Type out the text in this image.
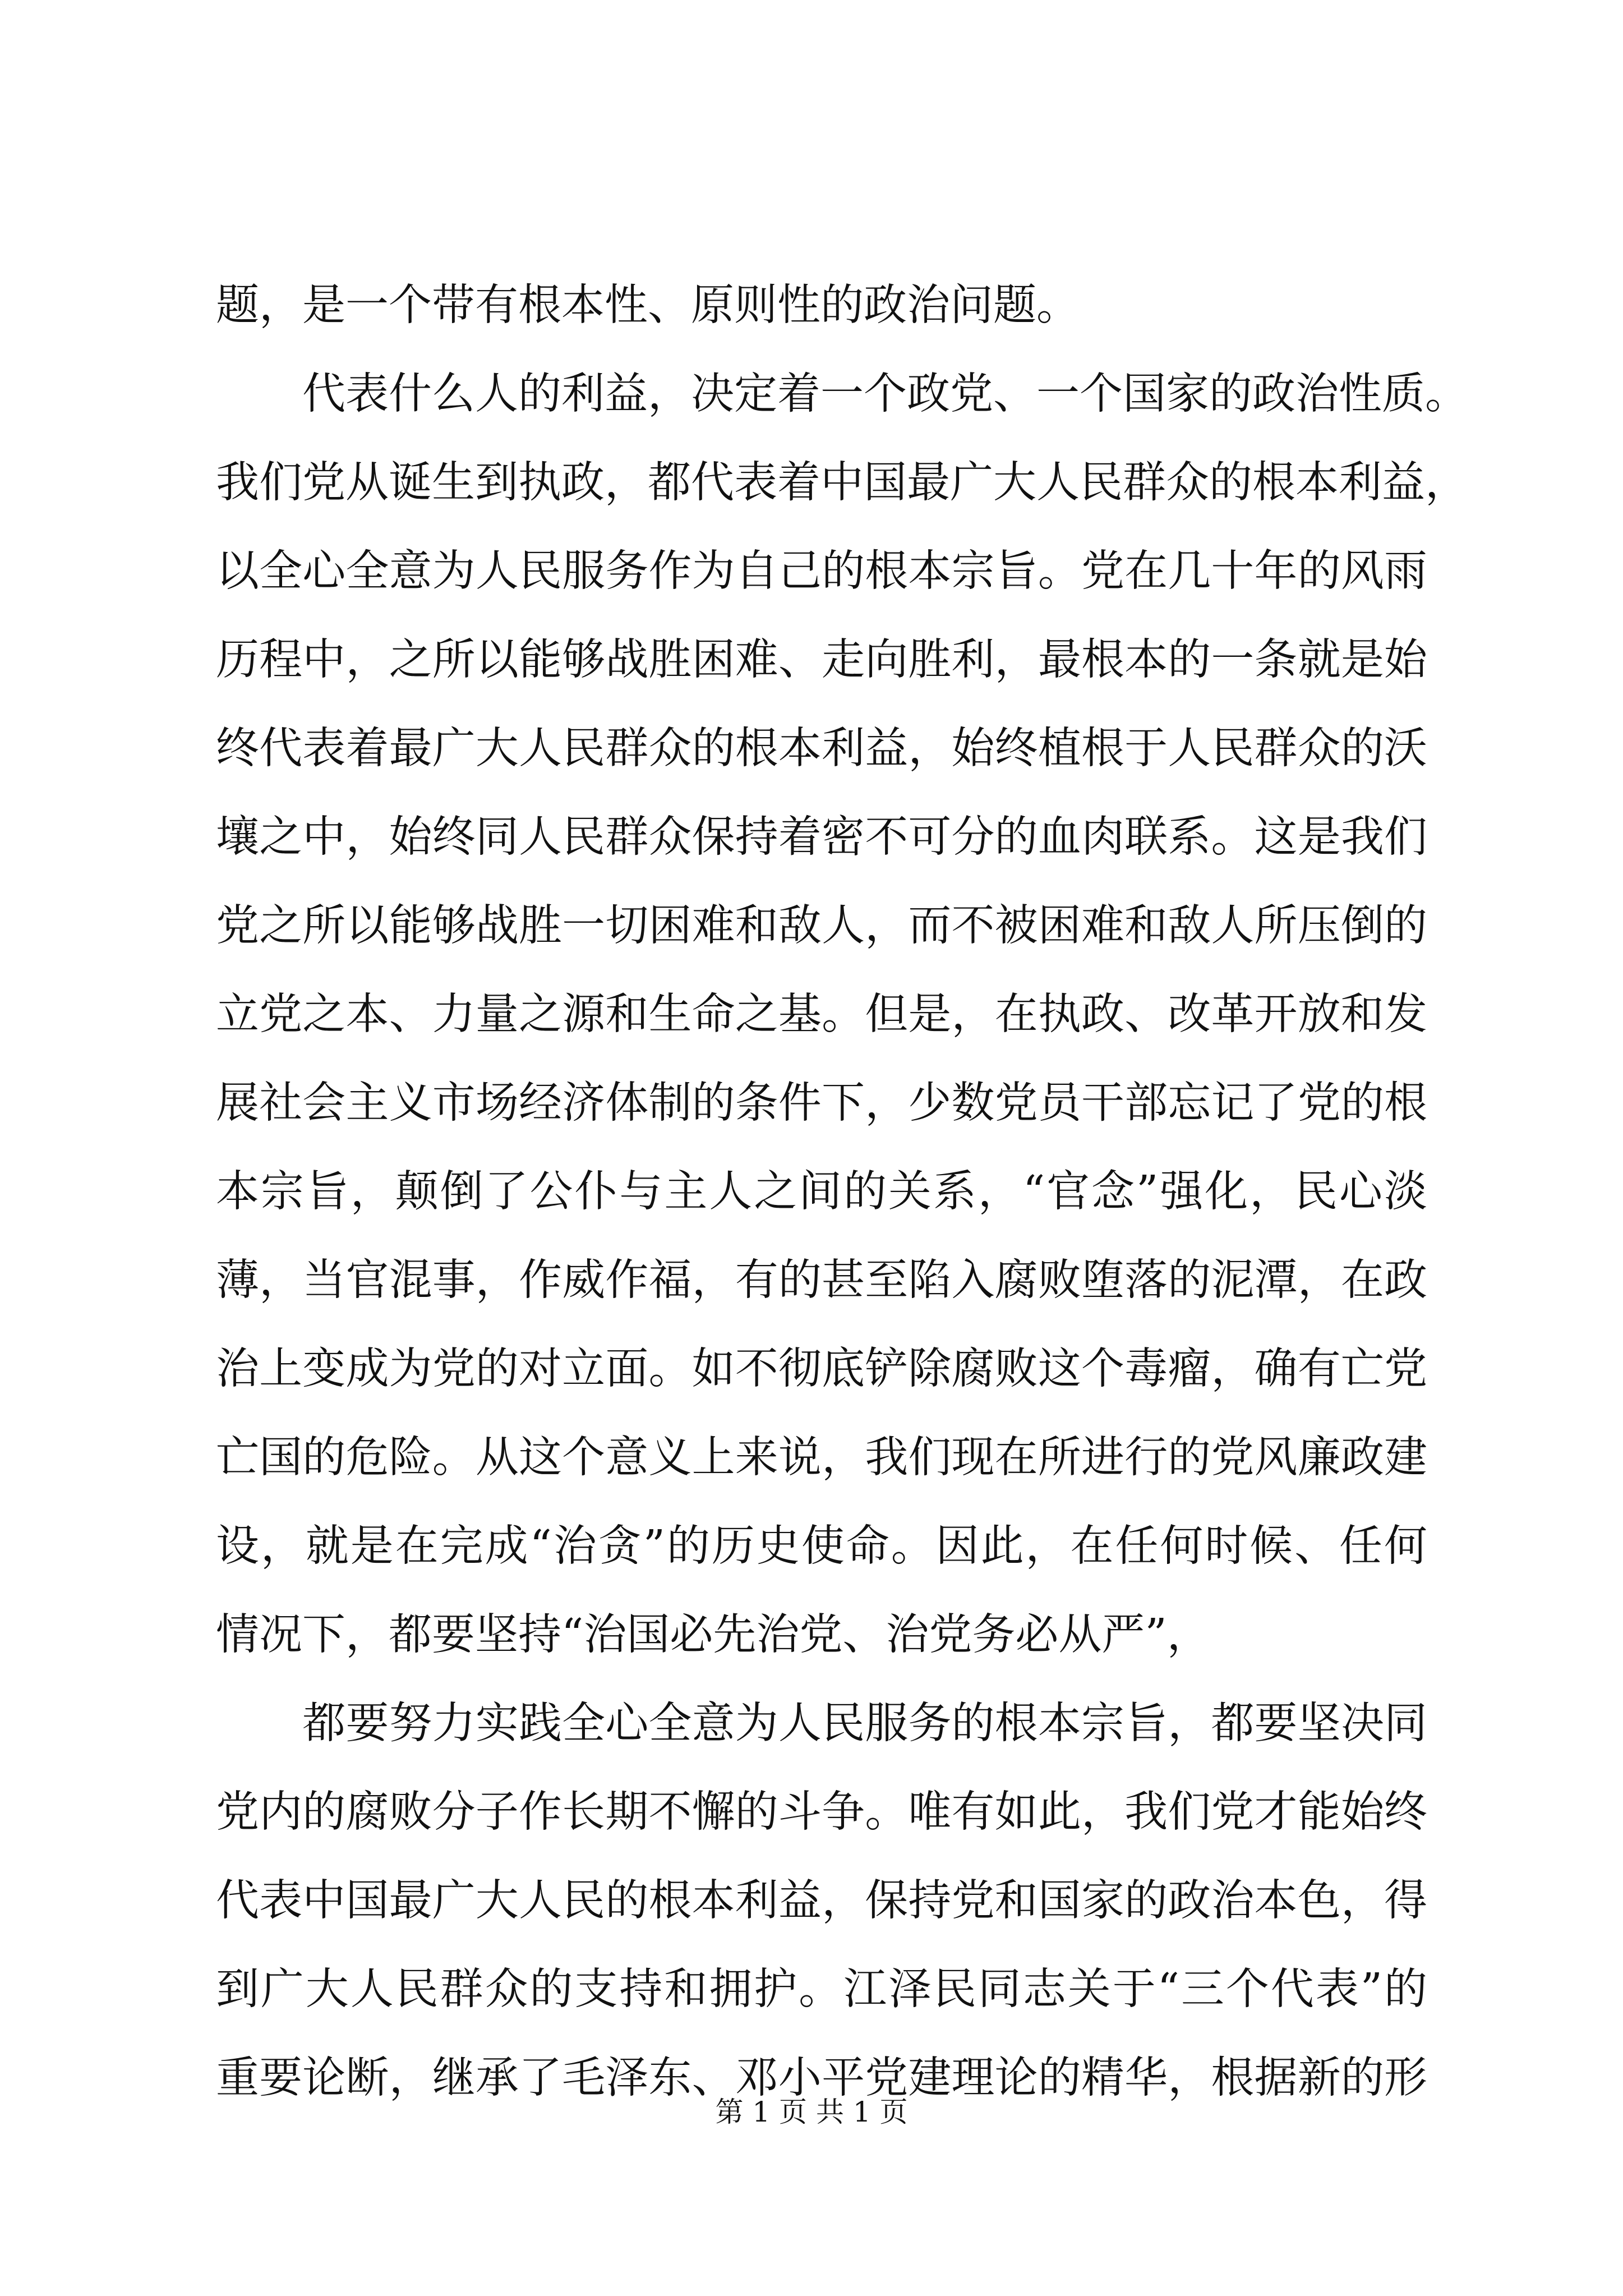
题，是一个带有根本性、原则性的政治问题。
　　代表什么人的利益，决定着一个政党、一个国家的政治性质。
我们党从诞生到执政，都代表着中国最广大人民群众的根本利益，
以全心全意为人民服务作为自己的根本宗旨。党在几十年的风雨
历程中，之所以能够战胜困难、走向胜利，最根本的一条就是始
终代表着最广大人民群众的根本利益，始终植根于人民群众的沃
壤之中，始终同人民群众保持着密不可分的血肉联系。这是我们
党之所以能够战胜一切困难和敌人，而不被困难和敌人所压倒的
立党之本、力量之源和生命之基。但是，在执政、改革开放和发
展社会主义市场经济体制的条件下，少数党员干部忘记了党的根
本宗旨，颠倒了公仆与主人之间的关系，“官念”强化，民心淡
薄，当官混事，作威作福，有的甚至陷入腐败堕落的泥潭，在政
治上变成为党的对立面。如不彻底铲除腐败这个毒瘤，确有亡党
亡国的危险。从这个意义上来说，我们现在所进行的党风廉政建
设，就是在完成“治贪”的历史使命。因此，在任何时候、任何
情况下，都要坚持“治国必先治党、治党务必从严”，
　　都要努力实践全心全意为人民服务的根本宗旨，都要坚决同
党内的腐败分子作长期不懈的斗争。唯有如此，我们党才能始终
代表中国最广大人民的根本利益，保持党和国家的政治本色，得
到广大人民群众的支持和拥护。江泽民同志关于“三个代表”的
重要论断，继承了毛泽东、邓小平党建理论的精华，根据新的形
第 1 页 共 1 页
